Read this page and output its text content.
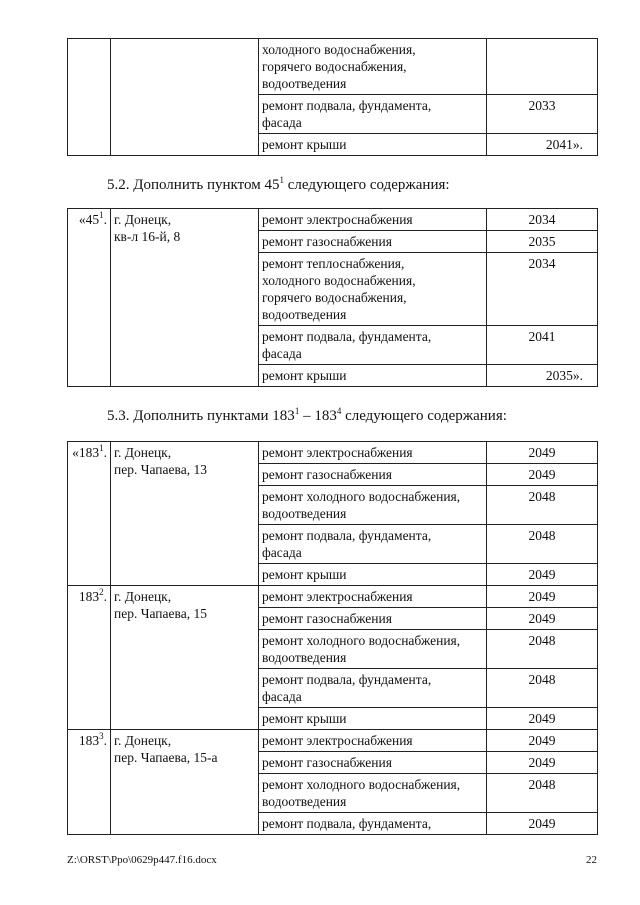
		холодного водоснабжения,
горячего водоснабжения,
водоотведения	

		ремонт подвала, фундамента,
фасада	2033

		ремонт крыши	2041».
5.2. Дополнить пунктом $45^1$ следующего содержания:
«$45^1$.	г. Донецк,
кв-л 16-й, 8	ремонт электроснабжения	2034

		ремонт газоснабжения	2035

		ремонт теплоснабжения,
холодного водоснабжения,
горячего водоснабжения,
водоотведения	2034

		ремонт подвала, фундамента,
фасада	2041

		ремонт крыши	2035».
5.3. Дополнить пунктами $183^1 - 183^4$ следующего содержания:
«$183^1$.	г. Донецк,
пер. Чапаева, 13	ремонт электроснабжения	2049

		ремонт газоснабжения	2049

		ремонт холодного водоснабжения,
водоотведения	2048

		ремонт подвала, фундамента,
фасада	2048

		ремонт крыши	2049
$183^2$.	г. Донецк,
пер. Чапаева, 15	ремонт электроснабжения	2049

		ремонт газоснабжения	2049

		ремонт холодного водоснабжения,
водоотведения	2048

		ремонт подвала, фундамента,
фасада	2048

		ремонт крыши	2049
$183^3$.	г. Донецк,
пер. Чапаева, 15-а	ремонт электроснабжения	2049

		ремонт газоснабжения	2049

		ремонт холодного водоснабжения,
водоотведения	2048

		ремонт подвала, фундамента,	2049
Z:\ORST\Ppo\0629p447.f16.docx	22
